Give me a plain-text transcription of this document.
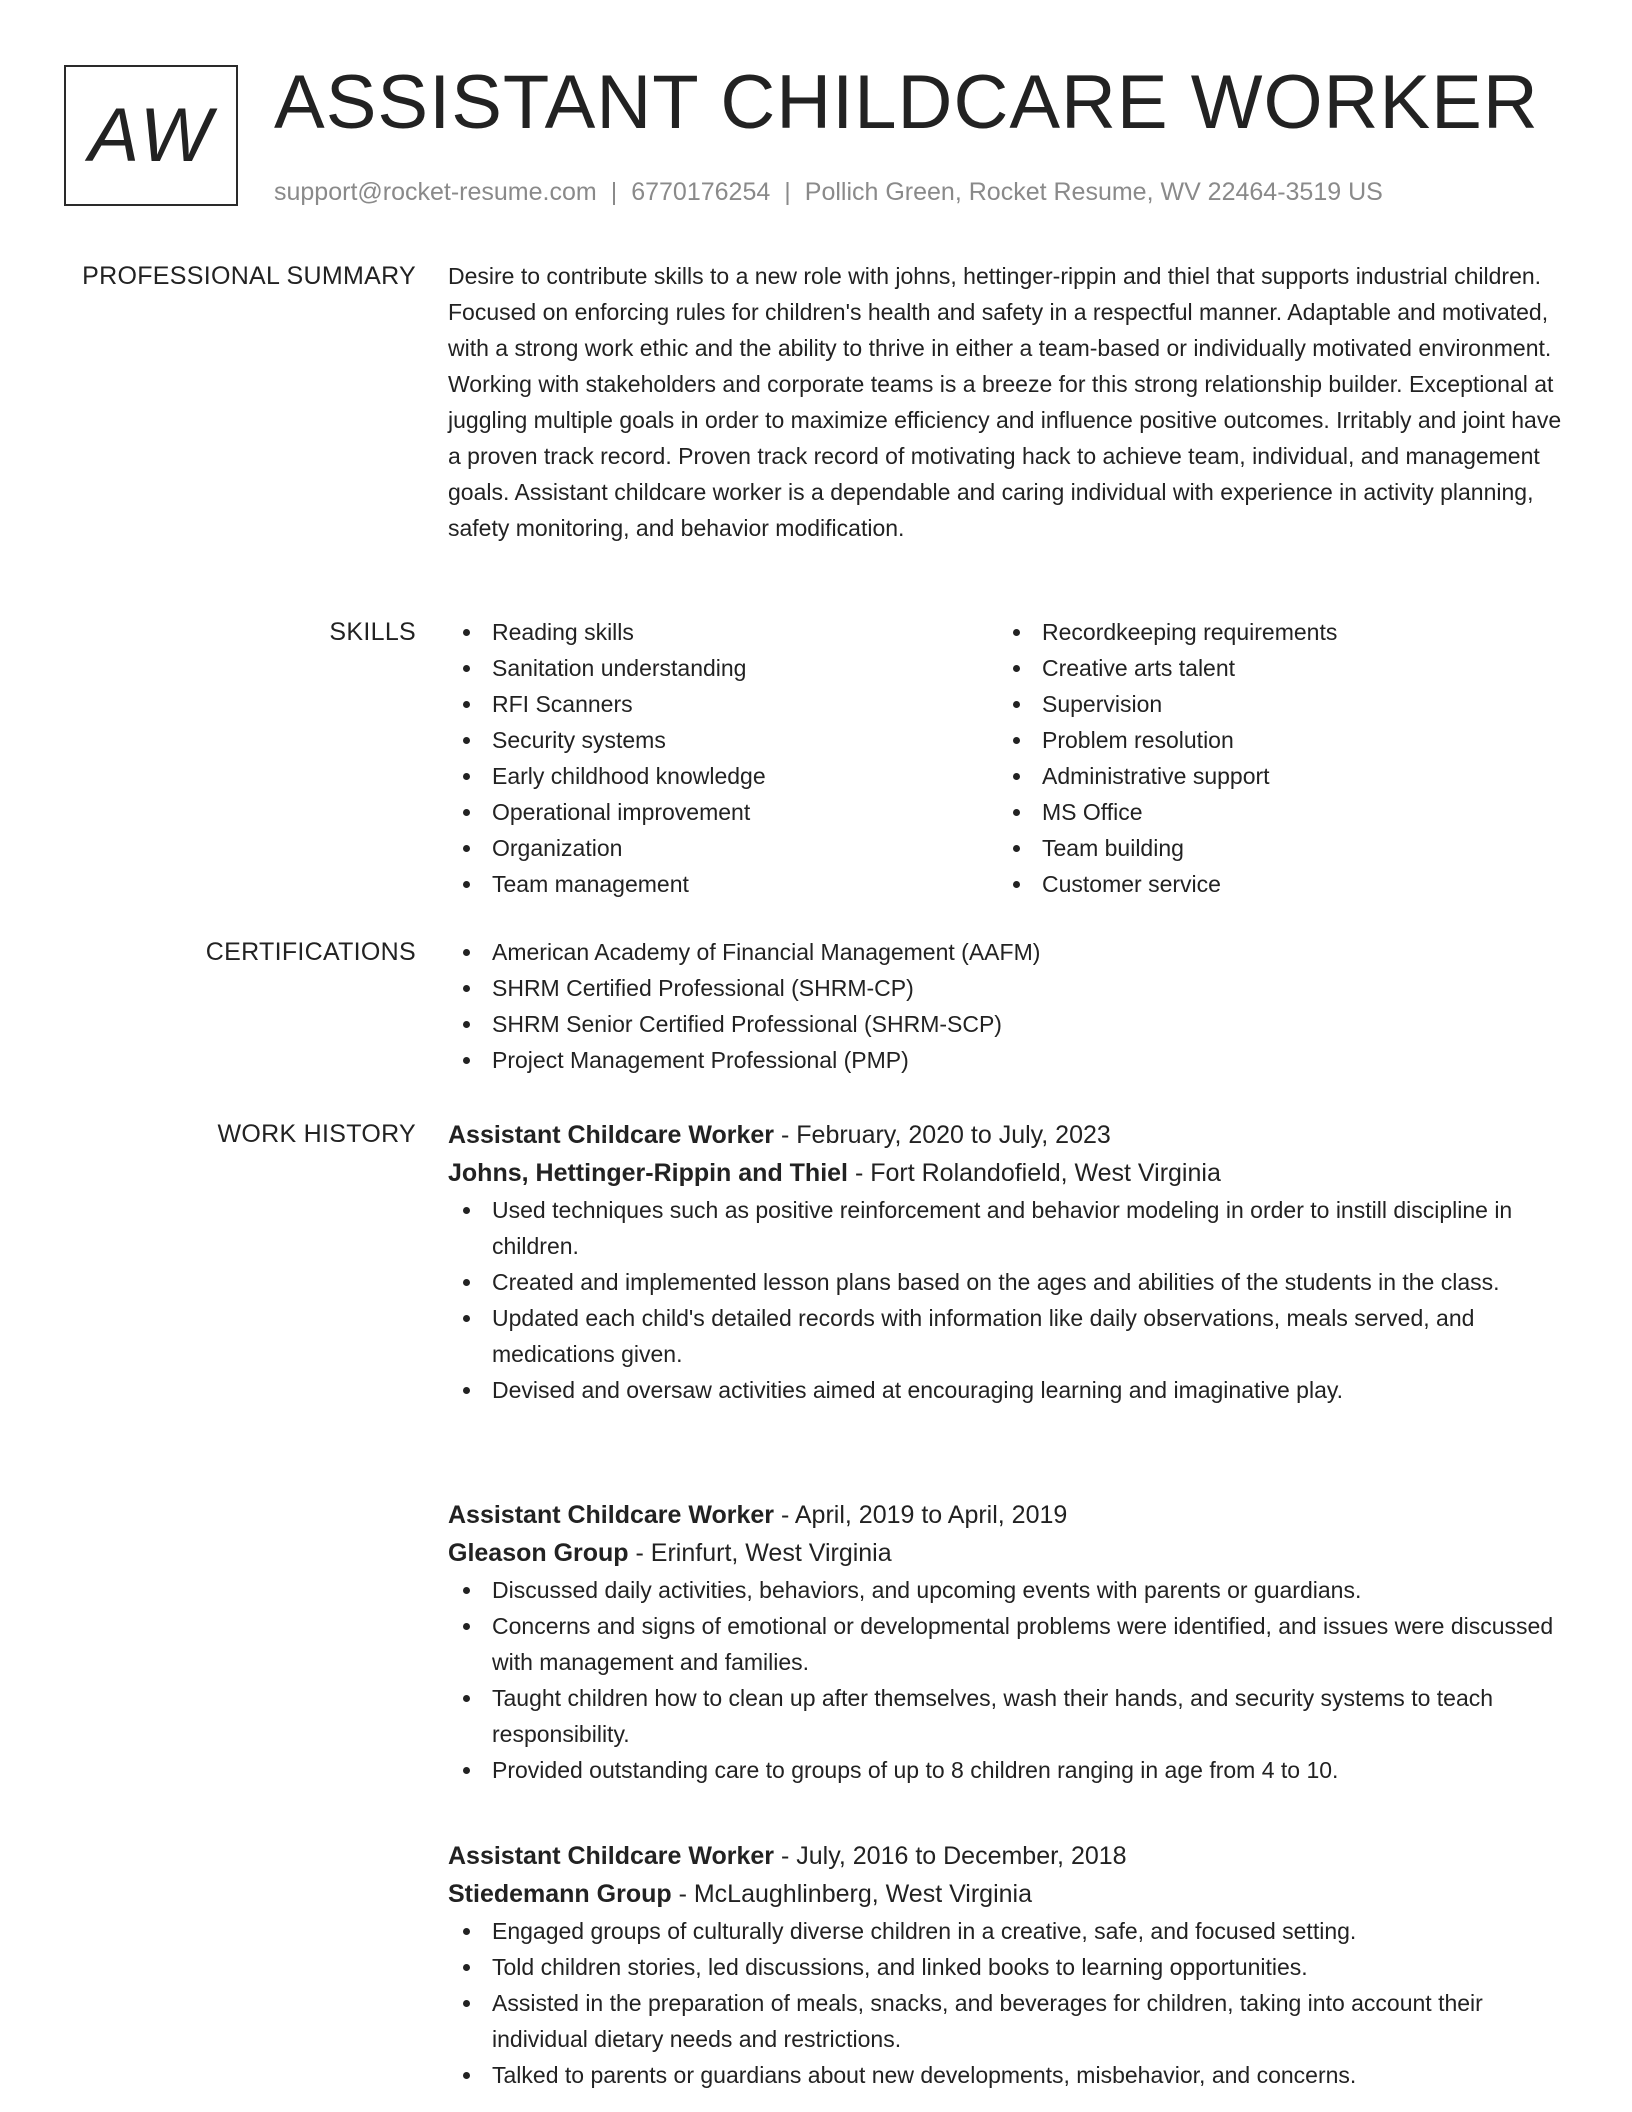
AW ASSISTANT CHILDCARE WORKER
support@rocket-resume.com | 6770176254 | Pollich Green, Rocket Resume, WV 22464-3519 US
PROFESSIONAL SUMMARY Desire to contribute skills to a new role with johns, hettinger-rippin and thiel that supports industrial children. Focused on enforcing rules for children's health and safety in a respectful manner. Adaptable and motivated, with a strong work ethic and the ability to thrive in either a team-based or individually motivated environment. Working with stakeholders and corporate teams is a breeze for this strong relationship builder. Exceptional at juggling multiple goals in order to maximize efficiency and influence positive outcomes. Irritably and joint have a proven track record. Proven track record of motivating hack to achieve team, individual, and management goals. Assistant childcare worker is a dependable and caring individual with experience in activity planning, safety monitoring, and behavior modification.

SKILLS	Reading skills
Sanitation understanding
RFI Scanners
Security systems
Early childhood knowledge
Operational improvement
Organization
Team management
Recordkeeping requirements
Creative arts talent
Supervision
Problem resolution
Administrative support
MS Office
Team building
Customer service
CERTIFICATIONS	American Academy of Financial Management (AAFM)
SHRM Certified Professional (SHRM-CP)
SHRM Senior Certified Professional (SHRM-SCP)
Project Management Professional (PMP)
WORK HISTORY Assistant Childcare Worker - February, 2020 to July, 2023
Johns, Hettinger-Rippin and Thiel - Fort Rolandofield, West Virginia
Used techniques such as positive reinforcement and behavior modeling in order to instill discipline in children.
Created and implemented lesson plans based on the ages and abilities of the students in the class.
Updated each child's detailed records with information like daily observations, meals served, and medications given.
Devised and oversaw activities aimed at encouraging learning and imaginative play.
Assistant Childcare Worker - April, 2019 to April, 2019
Gleason Group - Erinfurt, West Virginia
Discussed daily activities, behaviors, and upcoming events with parents or guardians.
Concerns and signs of emotional or developmental problems were identified, and issues were discussed with management and families.
Taught children how to clean up after themselves, wash their hands, and security systems to teach responsibility.
Provided outstanding care to groups of up to 8 children ranging in age from 4 to 10.
Assistant Childcare Worker - July, 2016 to December, 2018
Stiedemann Group - McLaughlinberg, West Virginia
Engaged groups of culturally diverse children in a creative, safe, and focused setting.
Told children stories, led discussions, and linked books to learning opportunities.
Assisted in the preparation of meals, snacks, and beverages for children, taking into account their individual dietary needs and restrictions.
Talked to parents or guardians about new developments, misbehavior, and concerns.
